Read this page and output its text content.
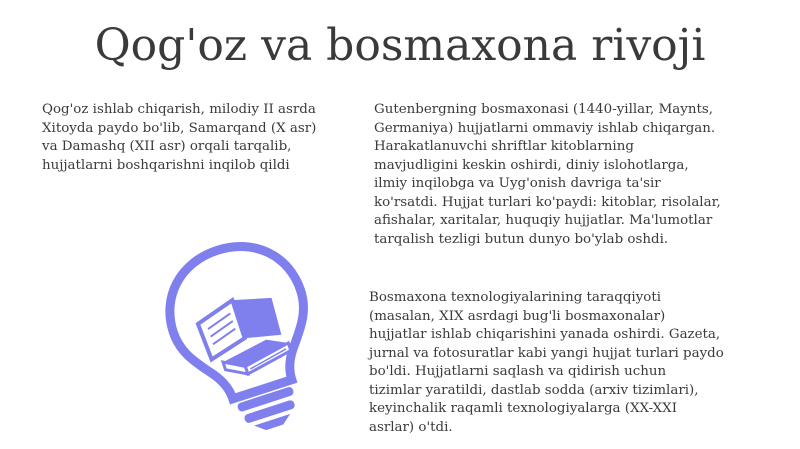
Qog'oz va bosmaxona rivoji

Qog'oz ishlab chiqarish, milodiy II asrda
Xitoyda paydo bo'lib, Samarqand (X asr)
va Damashq (XII asr) orqali tarqalib,
hujjatlarni boshqarishni inqilob qildi

Gutenbergning bosmaxonasi (1440-yillar, Maynts,
Germaniya) hujjatlarni ommaviy ishlab chiqargan.
Harakatlanuvchi shriftlar kitoblarning
mavjudligini keskin oshirdi, diniy islohotlarga,
ilmiy inqilobga va Uyg'onish davriga ta'sir
ko'rsatdi. Hujjat turlari ko'paydi: kitoblar, risolalar,
afishalar, xaritalar, huquqiy hujjatlar. Ma'lumotlar
tarqalish tezligi butun dunyo bo'ylab oshdi.

Bosmaxona texnologiyalarining taraqqiyoti
(masalan, XIX asrdagi bug'li bosmaxonalar)
hujjatlar ishlab chiqarishini yanada oshirdi. Gazeta,
jurnal va fotosuratlar kabi yangi hujjat turlari paydo
bo'ldi. Hujjatlarni saqlash va qidirish uchun
tizimlar yaratildi, dastlab sodda (arxiv tizimlari),
keyinchalik raqamli texnologiyalarga (XX-XXI
asrlar) o'tdi.
